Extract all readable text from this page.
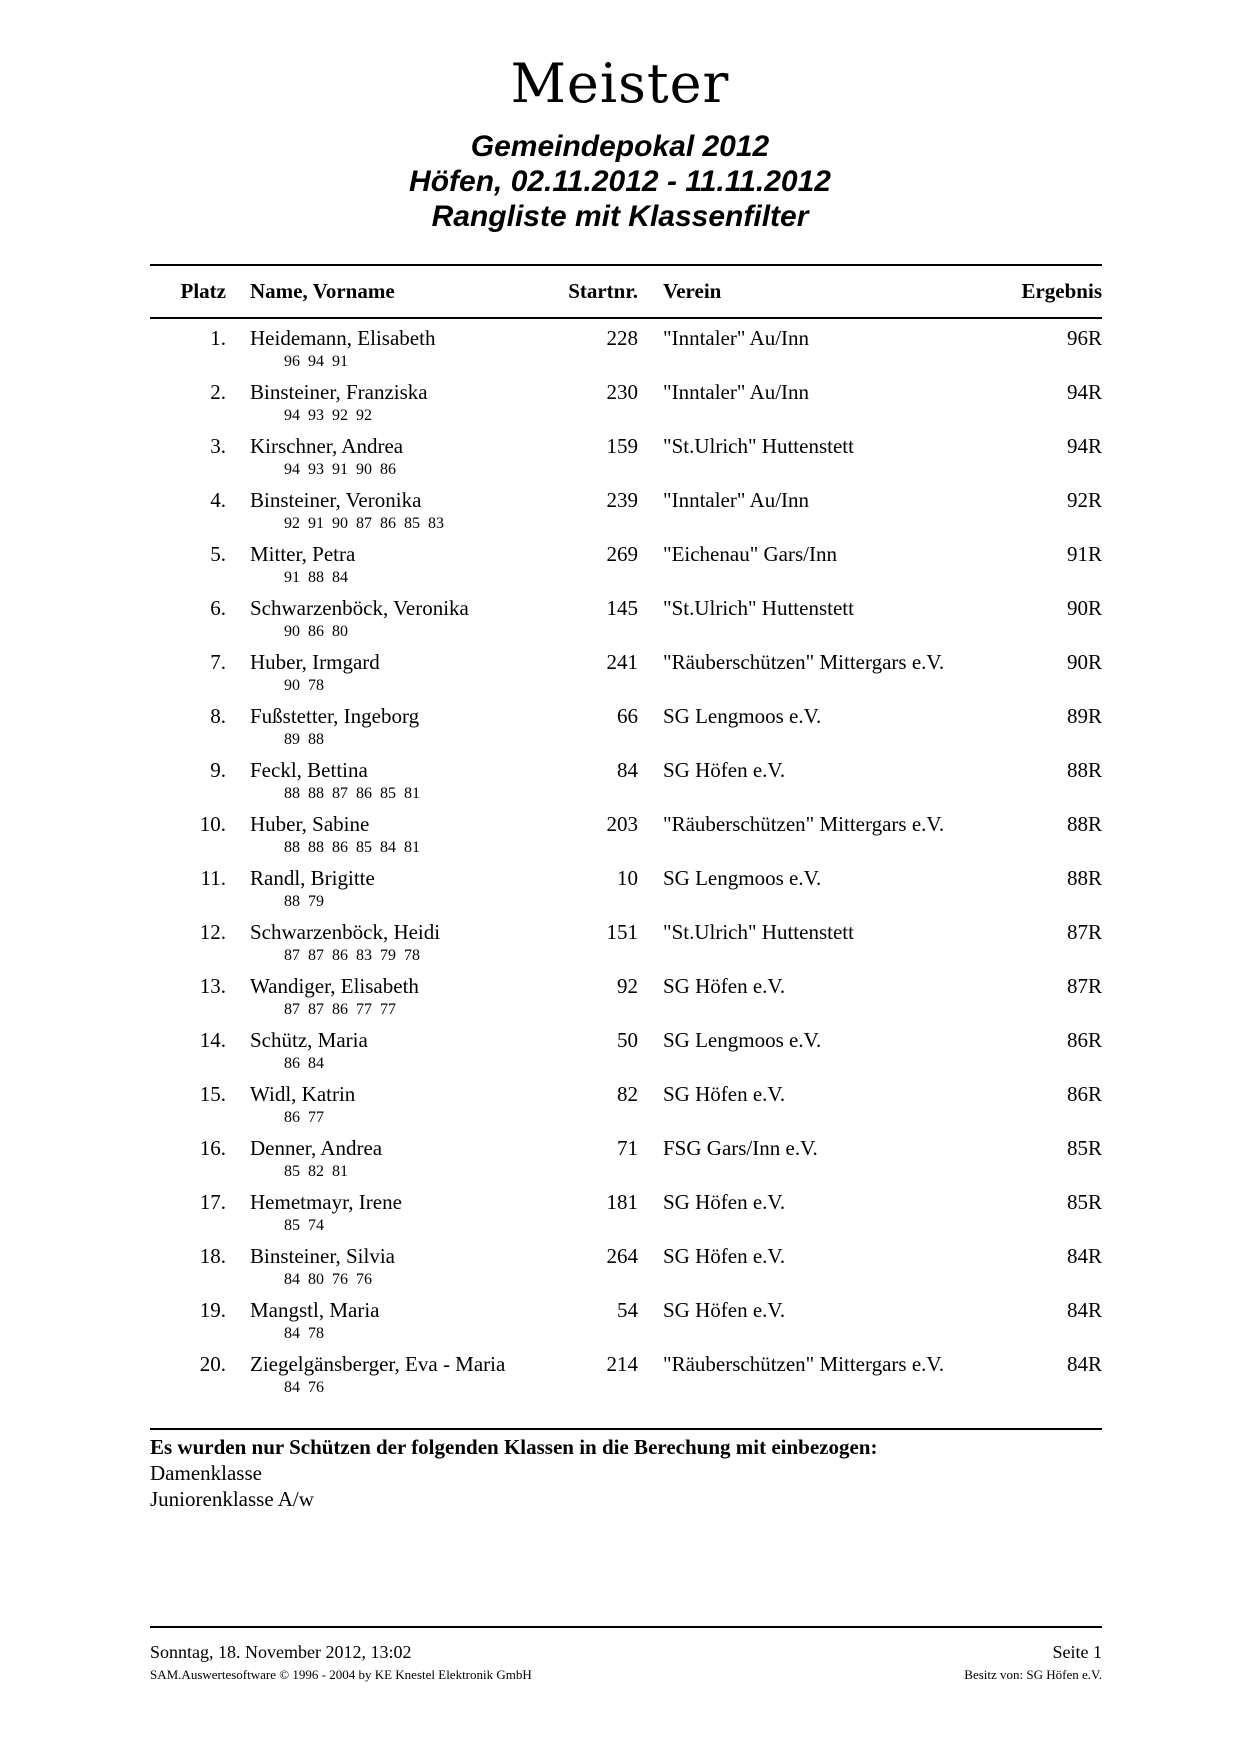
Meister
Gemeindepokal 2012
Höfen, 02.11.2012 - 11.11.2012
Rangliste mit Klassenfilter
Platz Name, Vorname	Startnr. Verein	Ergebnis
1. Heidemann, Elisabeth	228 "Inntaler" Au/Inn	96R
96 94 91
2. Binsteiner, Franziska	230 "Inntaler" Au/Inn	94R
94 93 92 92
3. Kirschner, Andrea	159 "St.Ulrich" Huttenstett	94R
94 93 91 90 86
4. Binsteiner, Veronika	239 "Inntaler" Au/Inn	92R
92 91 90 87 86 85 83
5. Mitter, Petra	269 "Eichenau" Gars/Inn	91R
91 88 84
6. Schwarzenböck, Veronika	145 "St.Ulrich" Huttenstett	90R
90 86 80
7. Huber, Irmgard	241 "Räuberschützen" Mittergars e.V.	90R
90 78
8. Fußstetter, Ingeborg	66 SG Lengmoos e.V.	89R
89 88
9. Feckl, Bettina	84 SG Höfen e.V.	88R
88 88 87 86 85 81
10. Huber, Sabine	203 "Räuberschützen" Mittergars e.V.	88R
88 88 86 85 84 81
11. Randl, Brigitte	10 SG Lengmoos e.V.	88R
88 79
12. Schwarzenböck, Heidi	151 "St.Ulrich" Huttenstett	87R
87 87 86 83 79 78
13. Wandiger, Elisabeth	92 SG Höfen e.V.	87R
87 87 86 77 77
14. Schütz, Maria	50 SG Lengmoos e.V.	86R
86 84
15. Widl, Katrin	82 SG Höfen e.V.	86R
86 77
16. Denner, Andrea	71 FSG Gars/Inn e.V.	85R
85 82 81
17. Hemetmayr, Irene	181 SG Höfen e.V.	85R
85 74
18. Binsteiner, Silvia	264 SG Höfen e.V.	84R
84 80 76 76
19. Mangstl, Maria	54 SG Höfen e.V.	84R
84 78
20. Ziegelgänsberger, Eva - Maria	214 "Räuberschützen" Mittergars e.V.	84R
84 76
Es wurden nur Schützen der folgenden Klassen in die Berechung mit einbezogen:
Damenklasse
Juniorenklasse A/w
Sonntag, 18. November 2012, 13:02	Seite 1
SAM.Auswertesoftware © 1996 - 2004 by KE Knestel Elektronik GmbH	Besitz von: SG Höfen e.V.
